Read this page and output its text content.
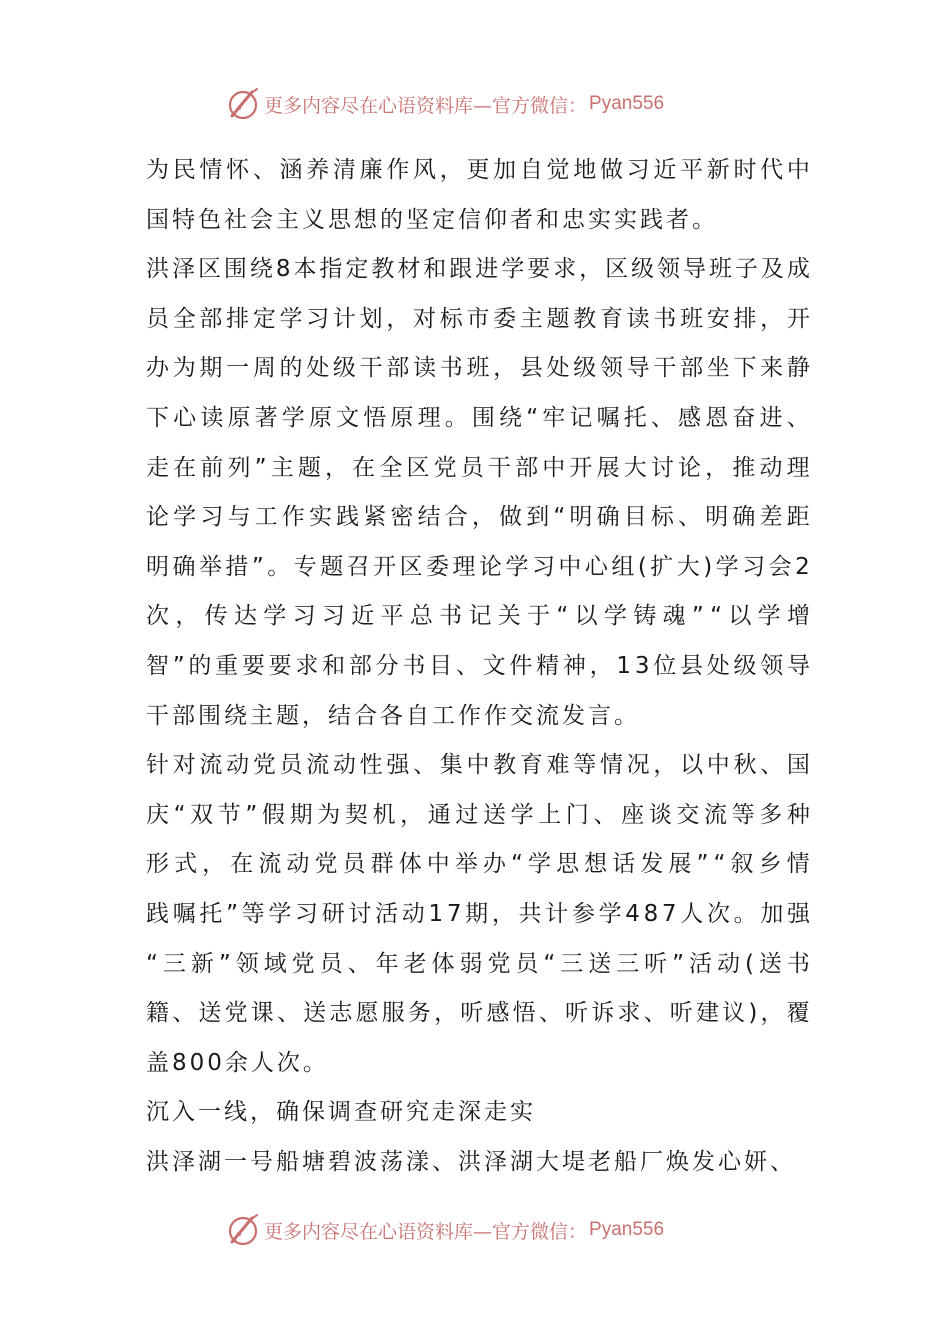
更多内容尽在心语资料库—官方微信： Pyan556
为 民 情 怀 、 涵 养 清 廉 作 风 ， 更 加 自 觉 地 做 习 近 平 新 时 代 中
国特色社会主义思想的坚定信仰者和忠实实践者。
洪 泽 区 围 绕 8 本 指 定 教 材 和 跟 进 学 要 求 ， 区 级 领 导 班 子 及 成
员 全 部 排 定 学 习 计 划 ， 对 标 市 委 主 题 教 育 读 书 班 安 排 ， 开
办 为 期 一 周 的 处 级 干 部 读 书 班 ， 县 处 级 领 导 干 部 坐 下 来 静
下 心 读 原 著 学 原 文 悟 原 理 。 围 绕 “ 牢 记 嘱 托 、 感 恩 奋 进 、
走 在 前 列 ” 主 题 ， 在 全 区 党 员 干 部 中 开 展 大 讨 论 ， 推 动 理
论 学 习 与 工 作 实 践 紧 密 结 合 ， 做 到 “ 明 确 目 标 、 明 确 差 距
明 确 举 措 ” 。 专 题 召 开 区 委 理 论 学 习 中 心 组 ( 扩 大 ) 学 习 会 2
次 ， 传 达 学 习 习 近 平 总 书 记 关 于 “ 以 学 铸 魂 ” “ 以 学 增
智 ” 的 重 要 要 求 和 部 分 书 目 、 文 件 精 神 ， 1 3 位 县 处 级 领 导
干部围绕主题，结合各自工作作交流发言。
针 对 流 动 党 员 流 动 性 强 、 集 中 教 育 难 等 情 况 ， 以 中 秋 、 国
庆 “ 双 节 ” 假 期 为 契 机 ， 通 过 送 学 上 门 、 座 谈 交 流 等 多 种
形 式 ， 在 流 动 党 员 群 体 中 举 办 “ 学 思 想 话 发 展 ” “ 叙 乡 情
践 嘱 托 ” 等 学 习 研 讨 活 动 1 7 期 ， 共 计 参 学 4 8 7 人 次 。 加 强
“ 三 新 ” 领 域 党 员 、 年 老 体 弱 党 员 “ 三 送 三 听 ” 活 动 ( 送 书
籍 、 送 党 课 、 送 志 愿 服 务 ， 听 感 悟 、 听 诉 求 、 听 建 议 ) ， 覆
盖800余人次。
沉入一线，确保调查研究走深走实
洪泽湖一号船塘碧波荡漾、洪泽湖大堤老船厂焕发心妍、
更多内容尽在心语资料库—官方微信： Pyan556
